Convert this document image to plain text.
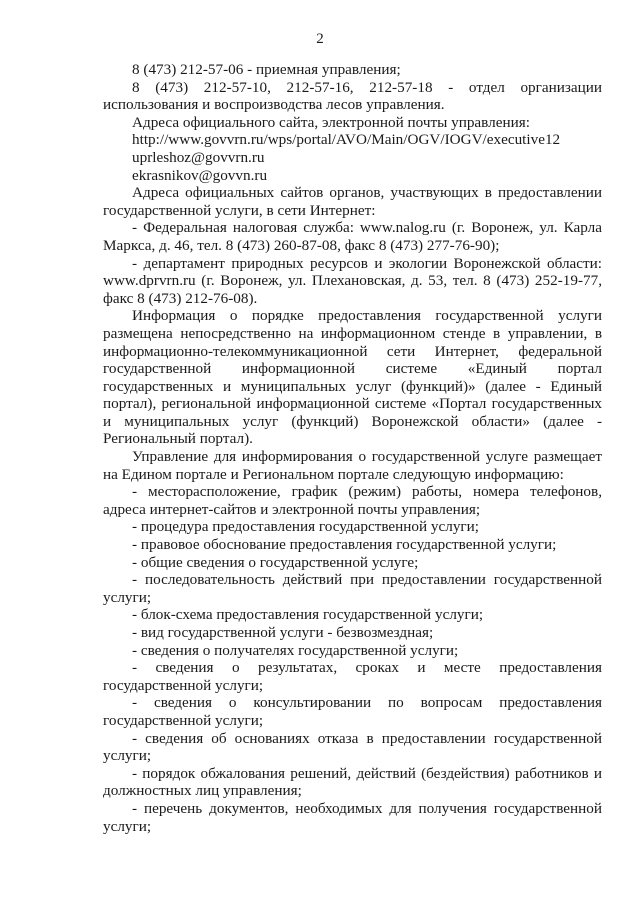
2

8 (473) 212-57-06 - приемная управления;

8 (473) 212-57-10, 212-57-16, 212-57-18 - отдел организации использования и воспроизводства лесов управления.

Адреса официального сайта, электронной почты управления:

http://www.govvrn.ru/wps/portal/AVO/Main/OGV/IOGV/executive12

uprleshoz@govvrn.ru

ekrasnikov@govvn.ru

Адреса официальных сайтов органов, участвующих в предоставлении государственной услуги, в сети Интернет:

- Федеральная налоговая служба: www.nalog.ru (г. Воронеж, ул. Карла Маркса, д. 46, тел. 8 (473) 260-87-08, факс 8 (473) 277-76-90);

- департамент природных ресурсов и экологии Воронежской области: www.dprvrn.ru (г. Воронеж, ул. Плехановская, д. 53, тел. 8 (473) 252-19-77, факс 8 (473) 212-76-08).

Информация о порядке предоставления государственной услуги размещена непосредственно на информационном стенде в управлении, в информационно-телекоммуникационной сети Интернет, федеральной государственной информационной системе «Единый портал государственных и муниципальных услуг (функций)» (далее - Единый портал), региональной информационной системе «Портал государственных и муниципальных услуг (функций) Воронежской области» (далее - Региональный портал).

Управление для информирования о государственной услуге размещает на Едином портале и Региональном портале следующую информацию:

- месторасположение, график (режим) работы, номера телефонов, адреса интернет-сайтов и электронной почты управления;

- процедура предоставления государственной услуги;

- правовое обоснование предоставления государственной услуги;

- общие сведения о государственной услуге;

- последовательность действий при предоставлении государственной услуги;

- блок-схема предоставления государственной услуги;

- вид государственной услуги - безвозмездная;

- сведения о получателях государственной услуги;

- сведения о результатах, сроках и месте предоставления государственной услуги;

- сведения о консультировании по вопросам предоставления государственной услуги;

- сведения об основаниях отказа в предоставлении государственной услуги;

- порядок обжалования решений, действий (бездействия) работников и должностных лиц управления;

- перечень документов, необходимых для получения государственной услуги;
